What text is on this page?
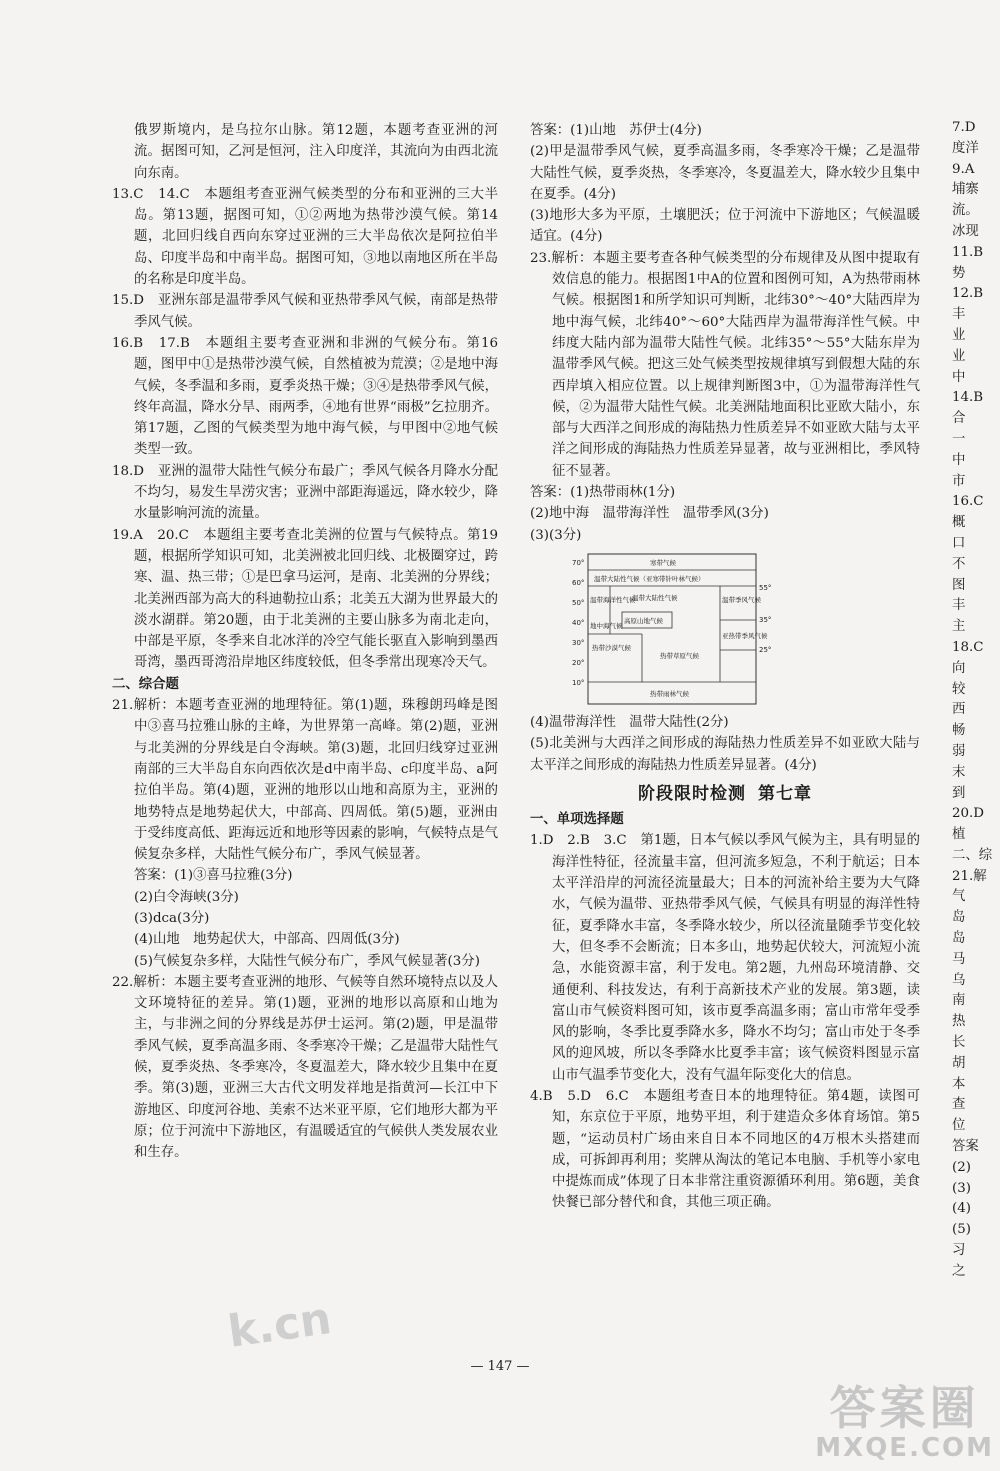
俄罗斯境内，是乌拉尔山脉。第12题，本题考查亚洲的河流。据图可知，乙河是恒河，注入印度洋，其流向为由西北流向东南。

13.C　14.C　本题组考查亚洲气候类型的分布和亚洲的三大半岛。第13题，据图可知，①②两地为热带沙漠气候。第14题，北回归线自西向东穿过亚洲的三大半岛依次是阿拉伯半岛、印度半岛和中南半岛。据图可知，③地以南地区所在半岛的名称是印度半岛。

15.D　亚洲东部是温带季风气候和亚热带季风气候，南部是热带季风气候。

16.B　17.B　本题组主要考查亚洲和非洲的气候分布。第16题，图甲中①是热带沙漠气候，自然植被为荒漠；②是地中海气候，冬季温和多雨，夏季炎热干燥；③④是热带季风气候，终年高温，降水分旱、雨两季，④地有世界“雨极”乞拉朋齐。第17题，乙图的气候类型为地中海气候，与甲图中②地气候类型一致。

18.D　亚洲的温带大陆性气候分布最广；季风气候各月降水分配不均匀，易发生旱涝灾害；亚洲中部距海遥远，降水较少，降水量影响河流的流量。

19.A　20.C　本题组主要考查北美洲的位置与气候特点。第19题，根据所学知识可知，北美洲被北回归线、北极圈穿过，跨寒、温、热三带；①是巴拿马运河，是南、北美洲的分界线；北美洲西部为高大的科迪勒拉山系；北美五大湖为世界最大的淡水湖群。第20题，由于北美洲的主要山脉多为南北走向，中部是平原，冬季来自北冰洋的冷空气能长驱直入影响到墨西哥湾，墨西哥湾沿岸地区纬度较低，但冬季常出现寒冷天气。

二、综合题

21.解析：本题考查亚洲的地理特征。第(1)题，珠穆朗玛峰是图中③喜马拉雅山脉的主峰，为世界第一高峰。第(2)题，亚洲与北美洲的分界线是白令海峡。第(3)题，北回归线穿过亚洲南部的三大半岛自东向西依次是d中南半岛、c印度半岛、a阿拉伯半岛。第(4)题，亚洲的地形以山地和高原为主，亚洲的地势特点是地势起伏大，中部高、四周低。第(5)题，亚洲由于受纬度高低、距海远近和地形等因素的影响，气候特点是气候复杂多样，大陆性气候分布广，季风气候显著。

答案：(1)③喜马拉雅(3分)

(2)白令海峡(3分)

(3)dca(3分)

(4)山地　地势起伏大，中部高、四周低(3分)

(5)气候复杂多样，大陆性气候分布广，季风气候显著(3分)

22.解析：本题主要考查亚洲的地形、气候等自然环境特点以及人文环境特征的差异。第(1)题，亚洲的地形以高原和山地为主，与非洲之间的分界线是苏伊士运河。第(2)题，甲是温带季风气候，夏季高温多雨、冬季寒冷干燥；乙是温带大陆性气候，夏季炎热、冬季寒冷，冬夏温差大，降水较少且集中在夏季。第(3)题，亚洲三大古代文明发祥地是指黄河—长江中下游地区、印度河谷地、美索不达米亚平原，它们地形大都为平原；位于河流中下游地区，有温暖适宜的气候供人类发展农业和生存。

答案：(1)山地　苏伊士(4分)

(2)甲是温带季风气候，夏季高温多雨，冬季寒冷干燥；乙是温带大陆性气候，夏季炎热，冬季寒冷，冬夏温差大，降水较少且集中在夏季。(4分)

(3)地形大多为平原，土壤肥沃；位于河流中下游地区；气候温暖适宜。(4分)

23.解析：本题主要考查各种气候类型的分布规律及从图中提取有效信息的能力。根据图1中A的位置和图例可知，A为热带雨林气候。根据图1和所学知识可判断，北纬30°～40°大陆西岸为地中海气候，北纬40°～60°大陆西岸为温带海洋性气候。中纬度大陆内部为温带大陆性气候。北纬35°～55°大陆东岸为温带季风气候。把这三处气候类型按规律填写到假想大陆的东西岸填入相应位置。以上规律判断图3中，①为温带海洋性气候，②为温带大陆性气候。北美洲陆地面积比亚欧大陆小，东部与大西洋之间形成的海陆热力性质差异不如亚欧大陆与太平洋之间形成的海陆热力性质差异显著，故与亚洲相比，季风特征不显著。

答案：(1)热带雨林(1分)

(2)地中海　温带海洋性　温带季风(3分)

(3)(3分)

70°
60°
50°
40°
30°
20°
10°
寒带气候
温带大陆性气候（亚寒带针叶林气候）
温带海洋性气候
温带大陆性气候	温带季风气候
地中海气候
高原山地气候
亚热带季风气候
热带沙漠气候
热带草原气候
热带雨林气候
55°
35°
25°

(4)温带海洋性　温带大陆性(2分)

(5)北美洲与大西洋之间形成的海陆热力性质差异不如亚欧大陆与太平洋之间形成的海陆热力性质差异显著。(4分)

阶段限时检测 第七章

一、单项选择题

1.D　2.B　3.C　第1题，日本气候以季风气候为主，具有明显的海洋性特征，径流量丰富，但河流多短急，不利于航运；日本太平洋沿岸的河流径流量最大；日本的河流补给主要为大气降水，气候为温带、亚热带季风气候，气候具有明显的海洋性特征，夏季降水丰富，冬季降水较少，所以径流量随季节变化较大，但冬季不会断流；日本多山，地势起伏较大，河流短小流急，水能资源丰富，利于发电。第2题，九州岛环境清静、交通便利、科技发达，有利于高新技术产业的发展。第3题，读富山市气候资料图可知，该市夏季高温多雨；富山市常年受季风的影响，冬季比夏季降水多，降水不均匀；富山市处于冬季风的迎风坡，所以冬季降水比夏季丰富；该气候资料图显示富山市气温季节变化大，没有气温年际变化大的信息。

4.B　5.D　6.C　本题组考查日本的地理特征。第4题，读图可知，东京位于平原，地势平坦，利于建造众多体育场馆。第5题，“运动员村广场由来自日本不同地区的4万根木头搭建而成，可拆卸再利用；奖牌从淘汰的笔记本电脑、手机等小家电中提炼而成”体现了日本非常注重资源循环利用。第6题，美食快餐已部分替代和食，其他三项正确。

7.D
度洋
9.A
埔寨
流。
冰现
11.B
势
12.B
丰
业
业
中
14.B
合
一
中
市
16.C
概
口
不
图
丰
主
18.C
向
较
西
畅
弱
末
到
20.D
植
二、综
21.解
气
岛
岛
马
乌
南
热
长
胡
本
查
位
答案
(2)
(3)
(4)
(5)
习
之
— 147 —
k.cn
答案圈
MXQE.COM
